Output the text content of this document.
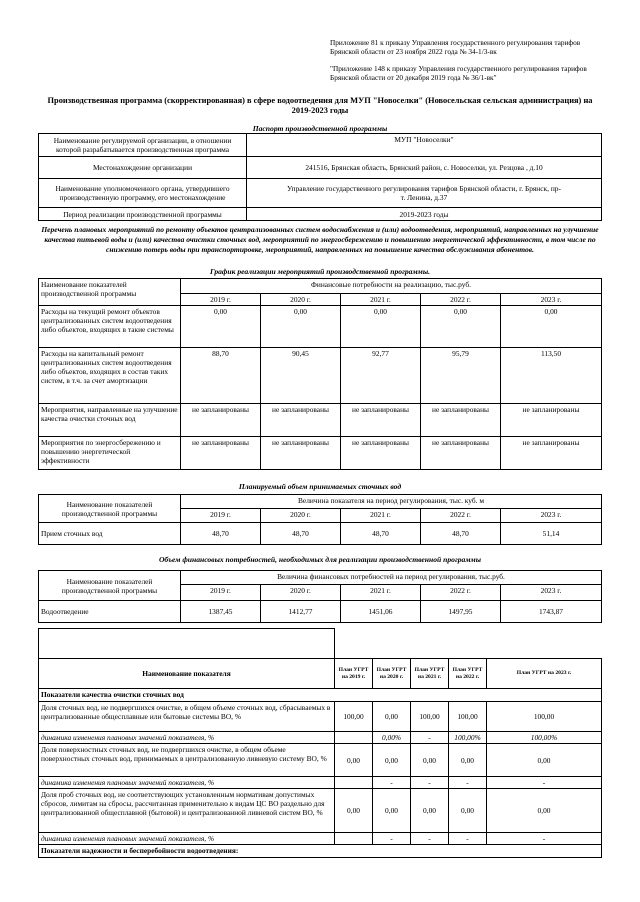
Приложение 81 к приказу Управления государственного регулирования тарифов Брянской области от 23 ноября 2022 года № 34-1/3-вк

"Приложение 148 к приказу Управления государственного регулирования тарифов Брянской области от 20 декабря 2019 года № 36/1-вк"

Производственная программа (скорректированная) в сфере водоотведения для МУП "Новоселки" (Новосельская сельская администрация) на 2019-2023 годы
Паспорт производственной программы
Наименование регулируемой организации, в отношении которой разрабатывается производственная программа	МУП "Новоселки"
Местонахождение организации	241516, Брянская область, Брянский район, с. Новоселки, ул. Резцова , д.10
Наименование уполномоченного органа, утвердившего производственную программу, его местонахождение	Управление государственного регулирования тарифов Брянской области, г. Брянск, пр-т. Ленина, д.37
Период реализации производственной программы	2019-2023 годы
Перечень плановых мероприятий по ремонту объектов централизованных систем водоснабжения и (или) водоотведения, мероприятий, направленных на улучшение качества питьевой воды и (или) качества очистки сточных вод, мероприятий по энергосбережению и повышению энергетической эффективности, в том числе по снижению потерь воды при транспортировке, мероприятий, направленных на повышение качества обслуживания абонентов.
График реализации мероприятий производственной программы.
Наименование показателей производственной программы	Финансовые потребности на реализацию, тыс.руб.				
	2019 г.	2020 г.	2021 г.	2022 г.	2023 г.
Расходы на текущий ремонт объектов централизованных систем водоотведения либо объектов, входящих в такие системы	0,00	0,00	0,00	0,00	0,00
Расходы на капитальный ремонт централизованных систем водоотведения либо объектов, входящих в состав таких систем, в т.ч. за счет амортизации	88,70	90,45	92,77	95,79	113,50
Мероприятия, направленные на улучшение качества очистки сточных вод	не запланированы	не запланированы	не запланированы	не запланированы	не запланированы
Мероприятия по энергосбережению и повышению энергетической эффективности	не запланированы	не запланированы	не запланированы	не запланированы	не запланированы
Планируемый объем принимаемых сточных вод
Наименование показателей производственной программы	Величина показателя на период регулирования, тыс. куб. м				
	2019 г.	2020 г.	2021 г.	2022 г.	2023 г.
Прием сточных вод	48,70	48,70	48,70	48,70	51,14
Объем финансовых потребностей, необходимых для реализации производственной программы
Наименование показателей производственной программы	Величина финансовых потребностей на период регулирования, тыс.руб.				
	2019 г.	2020 г.	2021 г.	2022 г.	2023 г.
Водоотведение	1387,45	1412,77	1451,06	1497,95	1743,87

Наименование показателя	План УГРТ на 2019 г.	План УГРТ на 2020 г.	План УГРТ на 2021 г.	План УГРТ на 2022 г.	План УГРТ на 2023 г.
Показатели качества очистки сточных вод					
Доля сточных вод, не подвергшихся очистке, в общем объеме сточных вод, сбрасываемых в централизованные общесплавные или бытовые системы ВО, %	100,00	0,00	100,00	100,00	100,00
динамика изменения плановых значений показателя, %		0,00%	-	100,00%	100,00%
Доля поверхностных сточных вод, не подвергшихся очистке, в общем объеме поверхностных сточных вод, принимаемых в централизованную ливневую систему ВО, %	0,00	0,00	0,00	0,00	0,00
динамика изменения плановых значений показателя, %		-	-	-	-
Доля проб сточных вод, не соответствующих установленным нормативам допустимых сбросов, лимитам на сбросы, рассчитанная применительно к видам ЦС ВО раздельно для централизованной общесплавной (бытовой) и централизованной ливневой систем ВО, %	0,00	0,00	0,00	0,00	0,00
динамика изменения плановых значений показателя, %		-	-	-	-
Показатели надежности и бесперебойности водоотведения:					
